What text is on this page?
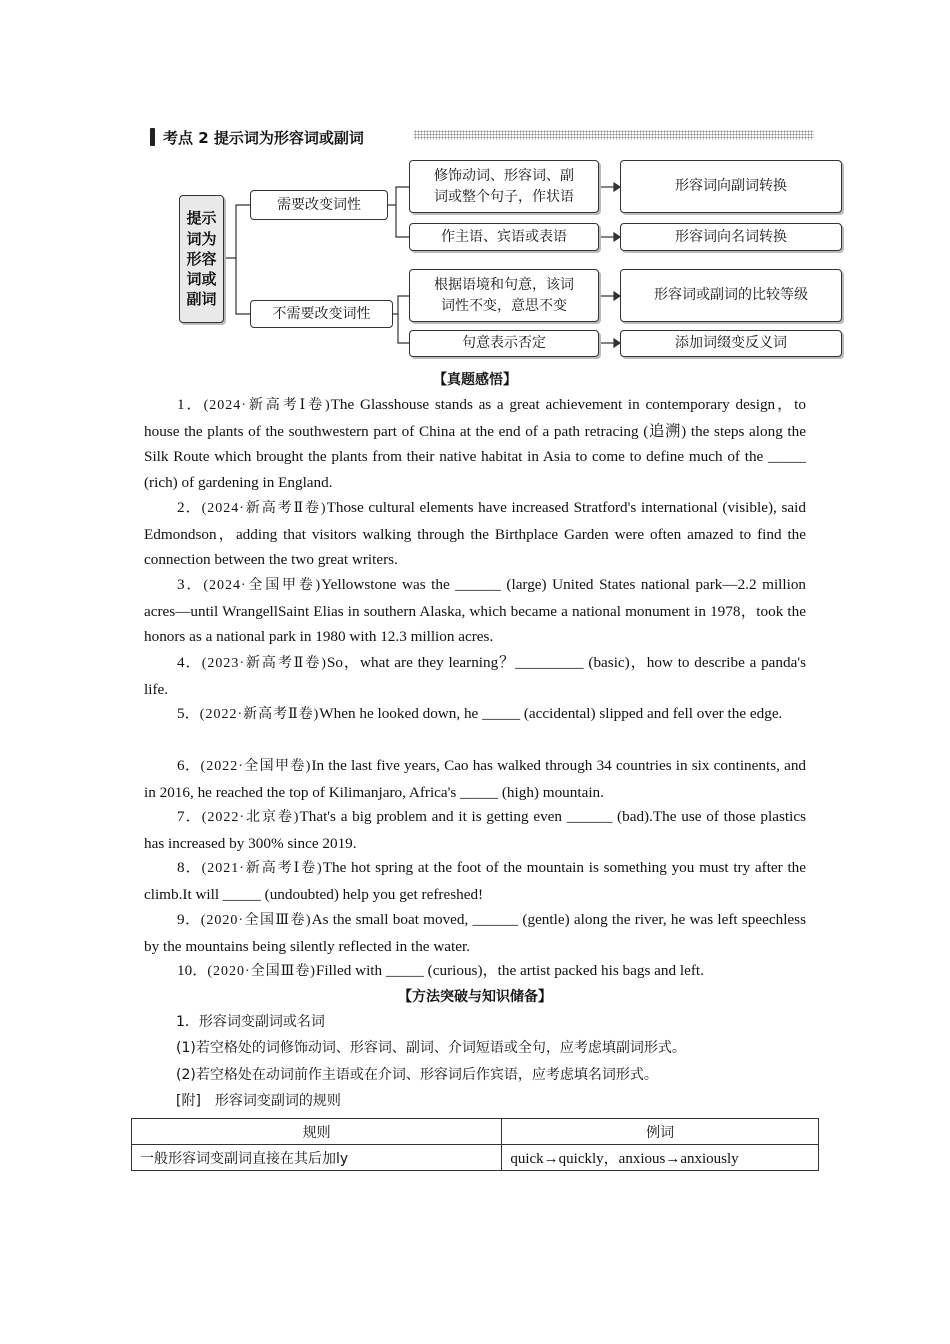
考点 2 提示词为形容词或副词
提示
词为
形容
词或
副词
需要改变词性
不需要改变词性
修饰动词、形容词、副
词或整个句子，作状语
作主语、宾语或表语
根据语境和句意，该词
词性不变，意思不变
句意表示否定
形容词向副词转换
形容词向名词转换
形容词或副词的比较等级
添加词缀变反义词
【真题感悟】
1．(2024·新高考Ⅰ卷)The Glasshouse stands as a great achievement in contemporary design，to house the plants of the southwestern part of China at the end of a path retracing (追溯) the steps along the Silk Route which brought the plants from their native habitat in Asia to come to define much of the _____ (rich) of gardening in England.
2．(2024·新高考Ⅱ卷)Those cultural elements have increased Stratford's international (visible), said Edmondson，adding that visitors walking through the Birthplace Garden were often amazed to find the connection between the two great writers.
3．(2024·全国甲卷)Yellowstone was the ______ (large) United States national park—2.2 million acres—until WrangellSaint Elias in southern Alaska, which became a national monument in 1978，took the honors as a national park in 1980 with 12.3 million acres.
4．(2023·新高考Ⅱ卷)So，what are they learning？_________ (basic)，how to describe a panda's life.
5．(2022·新高考Ⅱ卷)When he looked down, he _____ (accidental) slipped and fell over the edge.
6．(2022·全国甲卷)In the last five years, Cao has walked through 34 countries in six continents, and in 2016, he reached the top of Kilimanjaro, Africa's _____ (high) mountain.
7．(2022·北京卷)That's a big problem and it is getting even ______ (bad).The use of those plastics has increased by 300% since 2019.
8．(2021·新高考Ⅰ卷)The hot spring at the foot of the mountain is something you must try after the climb.It will _____ (undoubted) help you get refreshed!
9．(2020·全国Ⅲ卷)As the small boat moved, ______ (gentle) along the river, he was left speechless by the mountains being silently reflected in the water.
10．(2020·全国Ⅲ卷)Filled with _____ (curious)，the artist packed his bags and left.
【方法突破与知识储备】
1．形容词变副词或名词
(1)若空格处的词修饰动词、形容词、副词、介词短语或全句，应考虑填副词形式。
(2)若空格处在动词前作主语或在介词、形容词后作宾语，应考虑填名词形式。
[附]　形容词变副词的规则
规则	例词
一般形容词变副词直接在其后加ly	quick→quickly，anxious→anxiously
